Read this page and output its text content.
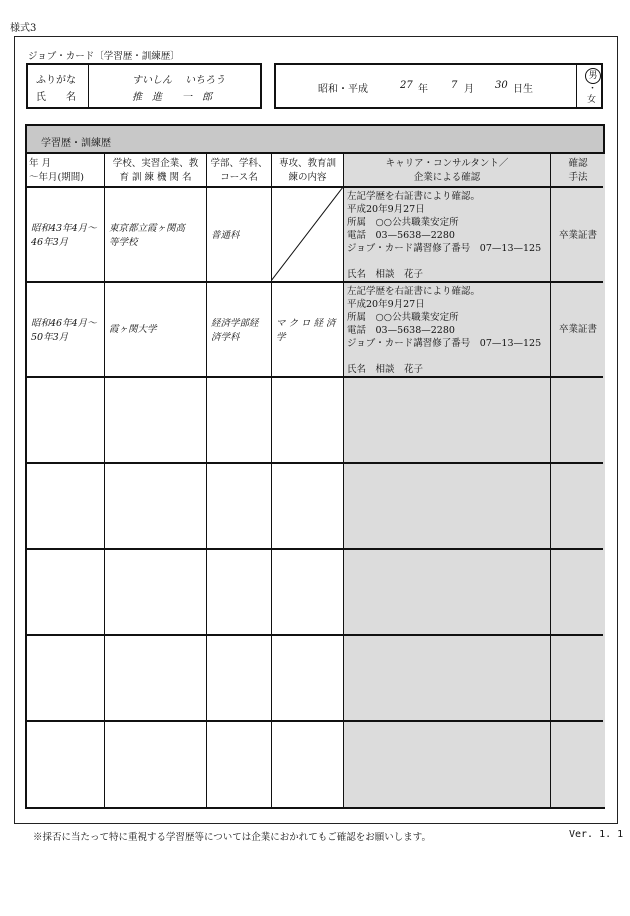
様式3
ジョブ・カード〔学習歴・訓練歴〕
ふりがな
氏　　名
すいしん　 いちろう
推　進　　一　郎
昭和・平成	27 年 7 月 30 日生
男
・
女
学習歴・訓練歴
年 月
～年月(期間)
学校、実習企業、教
育 訓 練 機 関 名
学部、学科、
コース名
専攻、教育訓
練の内容
キャリア・コンサルタント／
企業による確認
確認
手法
昭和43年4月～
46年3月
東京都立霞ヶ関高
等学校
普通科
左記学歴を右証書により確認。
平成20年9月27日
所属　○○公共職業安定所
電話　03—5638—2280
ジョブ・カード講習修了番号　07—13—125
氏名　相談　花子
卒業証書
昭和46年4月～
50年3月
霞ヶ関大学
経済学部経
済学科
マクロ経済
学
左記学歴を右証書により確認。
平成20年9月27日
所属　○○公共職業安定所
電話　03—5638—2280
ジョブ・カード講習修了番号　07—13—125
氏名　相談　花子
卒業証書
※採否に当たって特に重視する学習歴等については企業におかれてもご確認をお願いします。	Ver. 1. 1
